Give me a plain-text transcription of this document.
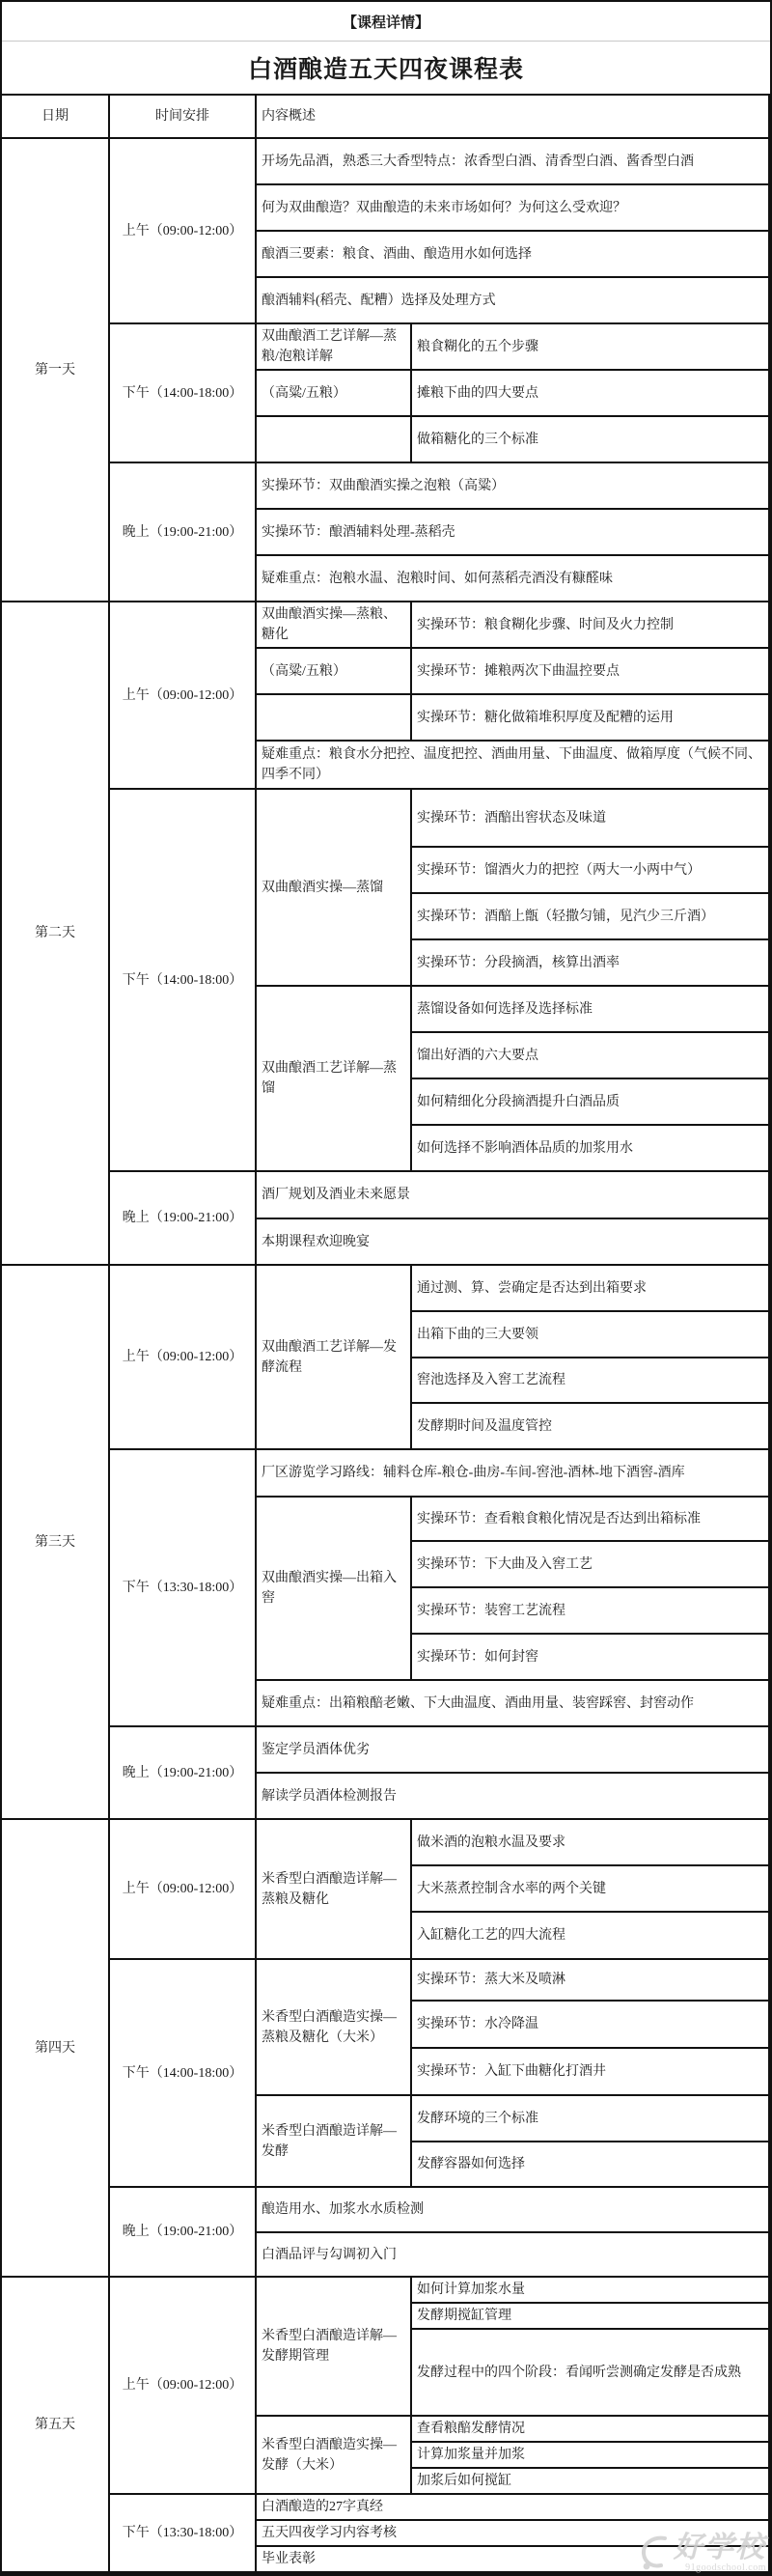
【课程详情】
白酒酿造五天四夜课程表
日期	时间安排	内容概述	
第一天	上午（09:00-12:00）	开场先品酒，熟悉三大香型特点：浓香型白酒、清香型白酒、酱香型白酒	
		何为双曲酿造？双曲酿造的未来市场如何？为何这么受欢迎？	
		酿酒三要素：粮食、酒曲、酿造用水如何选择	
		酿酒辅料(稻壳、配糟）选择及处理方式	
	下午（14:00-18:00）	双曲酿酒工艺详解—蒸粮/泡粮详解	粮食糊化的五个步骤
		（高粱/五粮）	摊粮下曲的四大要点
			做箱糖化的三个标准
	晚上（19:00-21:00）	实操环节：双曲酿酒实操之泡粮（高粱）	
		实操环节：酿酒辅料处理-蒸稻壳	
		疑难重点：泡粮水温、泡粮时间、如何蒸稻壳酒没有糠醛味	
第二天	上午（09:00-12:00）	双曲酿酒实操—蒸粮、糖化	实操环节：粮食糊化步骤、时间及火力控制
		（高粱/五粮）	实操环节：摊粮两次下曲温控要点
			实操环节：糖化做箱堆积厚度及配糟的运用
		疑难重点：粮食水分把控、温度把控、酒曲用量、下曲温度、做箱厚度（气候不同、四季不同）	
	下午（14:00-18:00）	双曲酿酒实操—蒸馏	实操环节：酒醅出窖状态及味道
			实操环节：馏酒火力的把控（两大一小两中气）
			实操环节：酒醅上甑（轻撒匀铺，见汽少三斤酒）
			实操环节：分段摘酒，核算出酒率
		双曲酿酒工艺详解—蒸馏	蒸馏设备如何选择及选择标准
			馏出好酒的六大要点
			如何精细化分段摘酒提升白酒品质
			如何选择不影响酒体品质的加浆用水
	晚上（19:00-21:00）	酒厂规划及酒业未来愿景	
		本期课程欢迎晚宴	
第三天	上午（09:00-12:00）	双曲酿酒工艺详解—发酵流程	通过测、算、尝确定是否达到出箱要求
			出箱下曲的三大要领
			窖池选择及入窖工艺流程
			发酵期时间及温度管控
	下午（13:30-18:00）	厂区游览学习路线：辅料仓库-粮仓-曲房-车间-窖池-酒林-地下酒窖-酒库	
		双曲酿酒实操—出箱入窖	实操环节：查看粮食粮化情况是否达到出箱标准
			实操环节：下大曲及入窖工艺
			实操环节：装窖工艺流程
			实操环节：如何封窖
		疑难重点：出箱粮醅老嫩、下大曲温度、酒曲用量、装窖踩窖、封窖动作	
	晚上（19:00-21:00）	鉴定学员酒体优劣	
		解读学员酒体检测报告	
第四天	上午（09:00-12:00）	米香型白酒酿造详解—蒸粮及糖化	做米酒的泡粮水温及要求
			大米蒸煮控制含水率的两个关键
			入缸糖化工艺的四大流程
	下午（14:00-18:00）	米香型白酒酿造实操—蒸粮及糖化（大米）	实操环节：蒸大米及喷淋
			实操环节：水冷降温
			实操环节：入缸下曲糖化打酒井
		米香型白酒酿造详解—发酵	发酵环境的三个标准
			发酵容器如何选择
	晚上（19:00-21:00）	酿造用水、加浆水水质检测	
		白酒品评与勾调初入门	
第五天	上午（09:00-12:00）	米香型白酒酿造详解—发酵期管理	如何计算加浆水量
			发酵期搅缸管理
			发酵过程中的四个阶段：看闻听尝测确定发酵是否成熟
		米香型白酒酿造实操—发酵（大米）	查看粮醅发酵情况
			计算加浆量并加浆
			加浆后如何搅缸
	下午（13:30-18:00）	白酒酿造的27字真经	
		五天四夜学习内容考核	
		毕业表彰		好学校
91goodschool.com
